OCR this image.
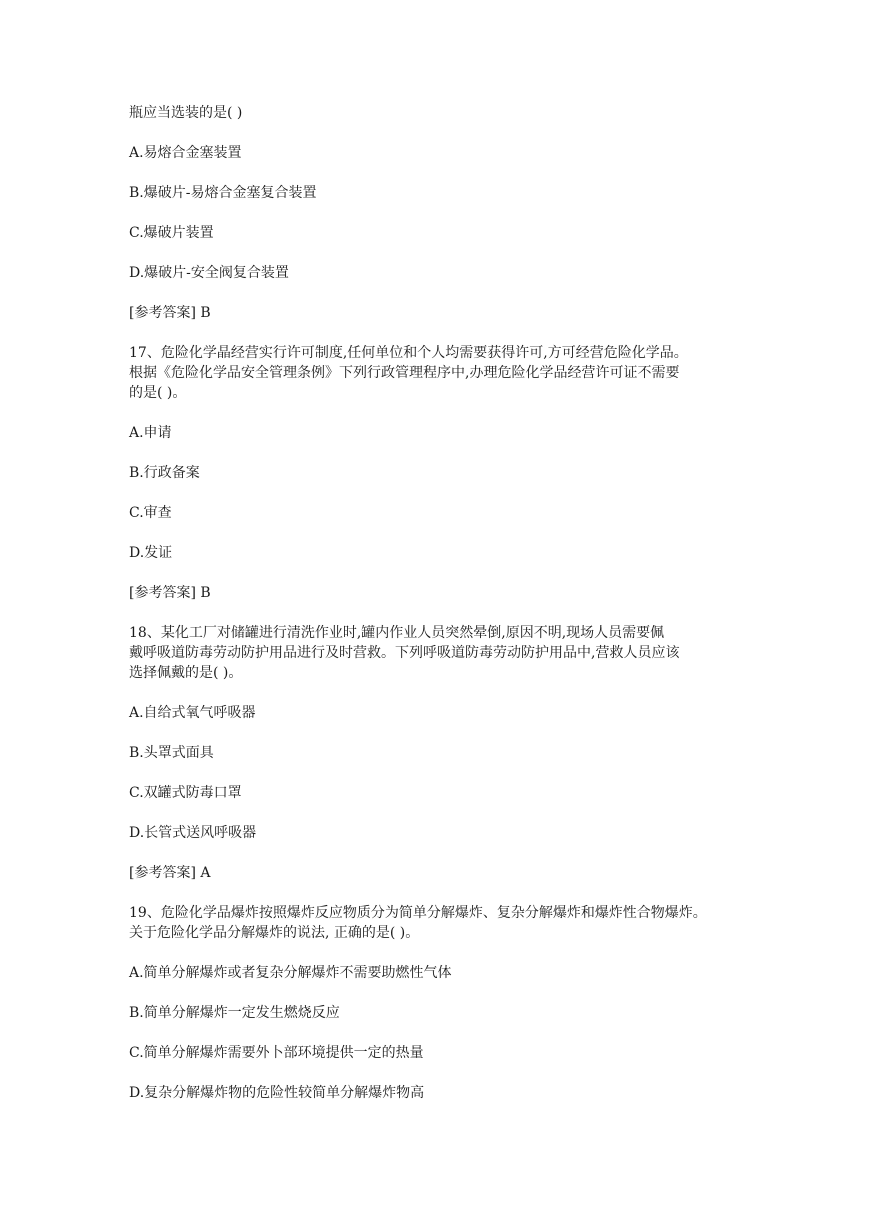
瓶应当选装的是( )

A.易熔合金塞装置

B.爆破片-易熔合金塞复合装置

C.爆破片装置

D.爆破片-安全阀复合装置

[参考答案] B

17、危险化学晶经营实行许可制度,任何单位和个人均需要获得许可,方可经营危险化学品。
根据《危险化学品安全管理条例》下列行政管理程序中,办理危险化学品经营许可证不需要
的是( )。

A.申请

B.行政备案

C.审查

D.发证

[参考答案] B

18、某化工厂对储罐进行清洗作业时,罐内作业人员突然晕倒,原因不明,现场人员需要佩
戴呼吸道防毒劳动防护用品进行及时营救。下列呼吸道防毒劳动防护用品中,营救人员应该
选择佩戴的是( )。

A.自给式氧气呼吸器

B.头罩式面具

C.双罐式防毒口罩

D.长管式送风呼吸器

[参考答案] A

19、危险化学品爆炸按照爆炸反应物质分为简单分解爆炸、复杂分解爆炸和爆炸性合物爆炸。
关于危险化学品分解爆炸的说法, 正确的是( )。

A.简单分解爆炸或者复杂分解爆炸不需要助燃性气体

B.简单分解爆炸一定发生燃烧反应

C.简单分解爆炸需要外卜部环境提供一定的热量

D.复杂分解爆炸物的危险性较简单分解爆炸物高
